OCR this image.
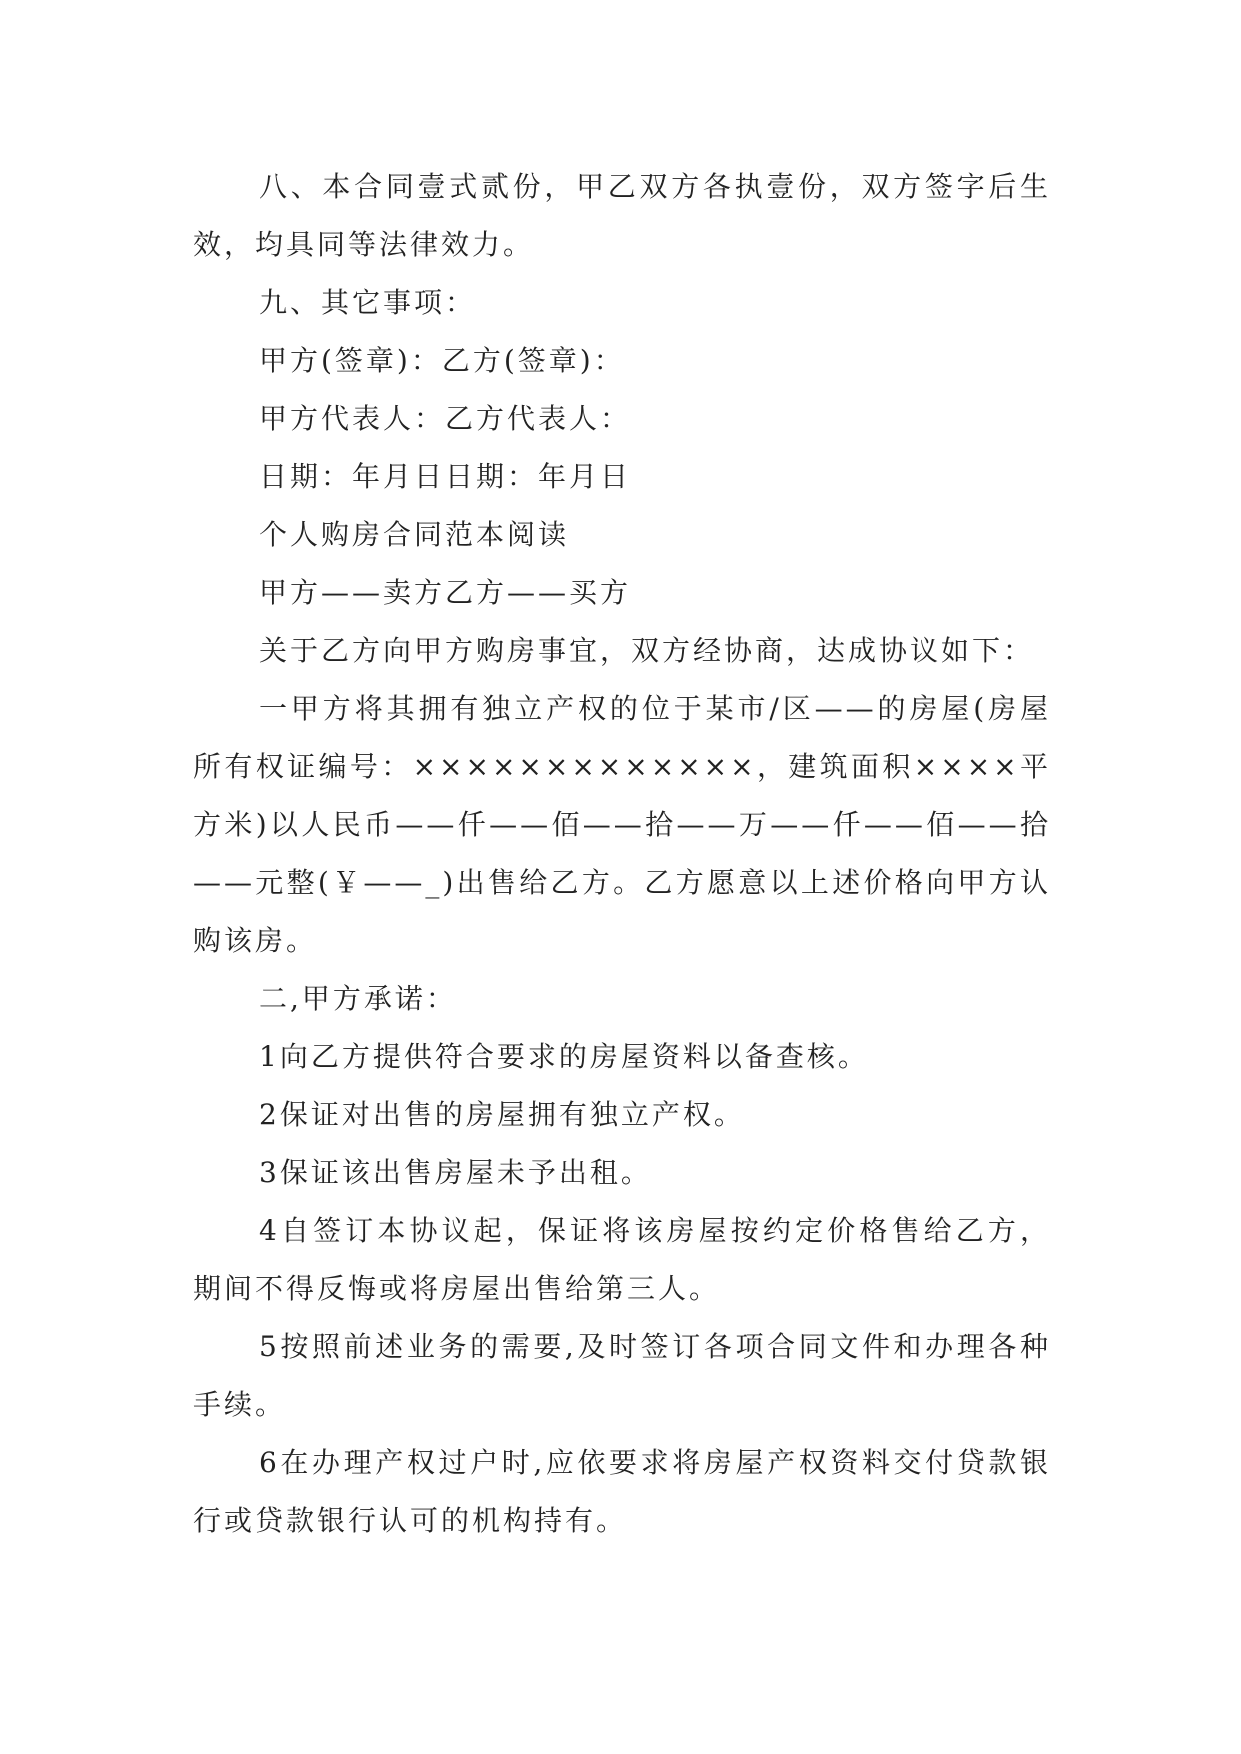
八、本合同壹式贰份，甲乙双方各执壹份，双方签字后生效，均具同等法律效力。

九、其它事项：

甲方(签章)：乙方(签章)：

甲方代表人：乙方代表人：

日期：年月日日期：年月日

个人购房合同范本阅读

甲方——卖方乙方——买方

关于乙方向甲方购房事宜，双方经协商，达成协议如下：

一甲方将其拥有独立产权的位于某市/区——的房屋(房屋所有权证编号：×××××××××××××，建筑面积××××平方米)以人民币——仟——佰——拾——万——仟——佰——拾——元整(￥——_)出售给乙方。乙方愿意以上述价格向甲方认购该房。

二,甲方承诺：

1向乙方提供符合要求的房屋资料以备查核。

2保证对出售的房屋拥有独立产权。

3保证该出售房屋未予出租。

4自签订本协议起，保证将该房屋按约定价格售给乙方，期间不得反悔或将房屋出售给第三人。

5按照前述业务的需要,及时签订各项合同文件和办理各种手续。

6在办理产权过户时,应依要求将房屋产权资料交付贷款银行或贷款银行认可的机构持有。
